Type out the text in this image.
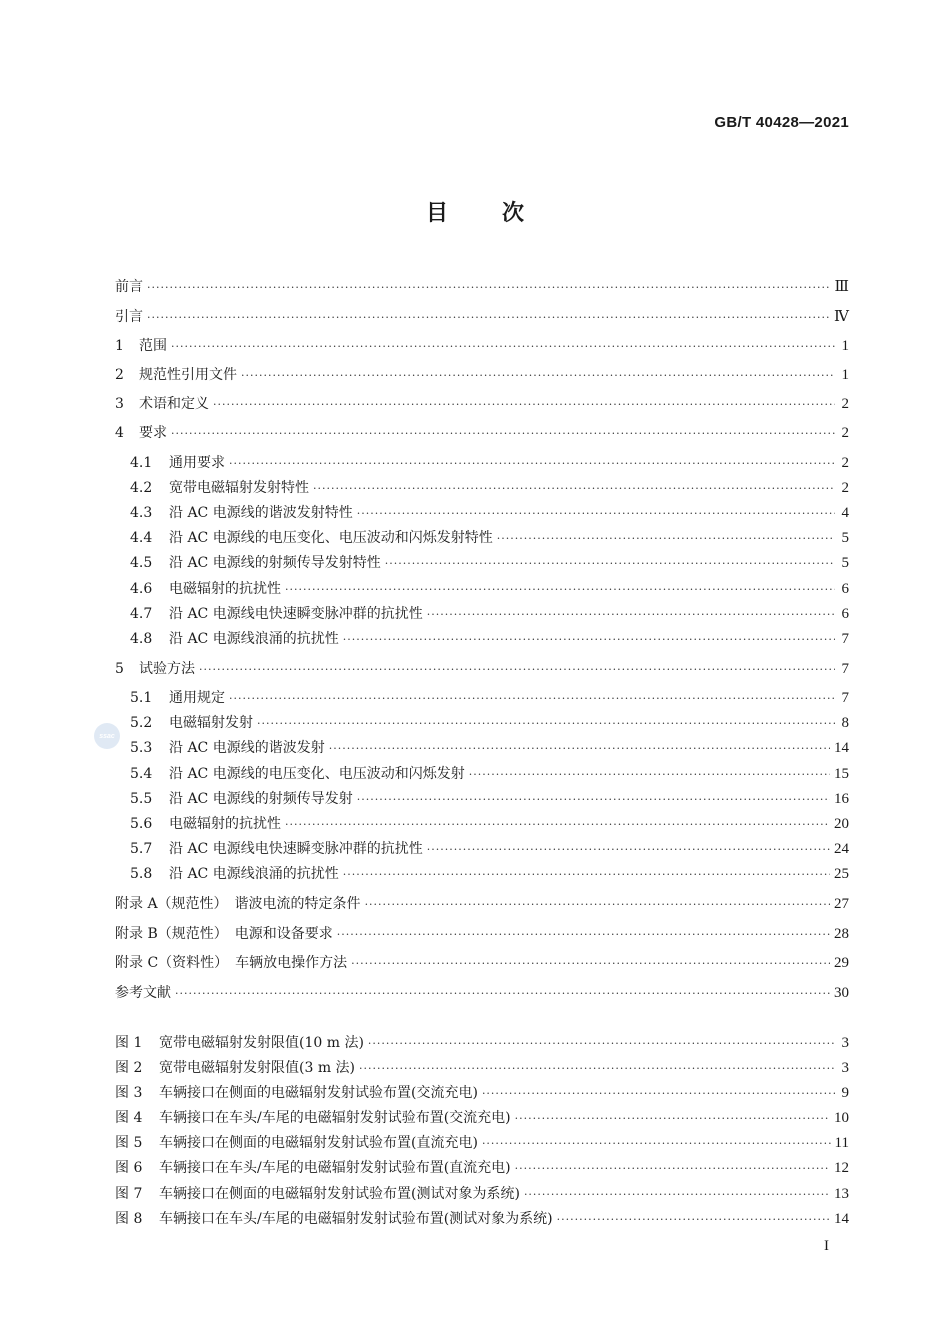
GB/T 40428—2021
目 次
ssac
前言 ·····	Ⅲ
引言 ·····	Ⅳ
1	范围 ·····	1
2	规范性引用文件 ·····	1
3	术语和定义 ·····	2
4	要求 ·····	2
4.1	通用要求 ·····	2
4.2	宽带电磁辐射发射特性 ·····	2
4.3	沿 AC 电源线的谐波发射特性 ·····	4
4.4	沿 AC 电源线的电压变化、电压波动和闪烁发射特性 ·····	5
4.5	沿 AC 电源线的射频传导发射特性 ·····	5
4.6	电磁辐射的抗扰性 ·····	6
4.7	沿 AC 电源线电快速瞬变脉冲群的抗扰性 ·····	6
4.8	沿 AC 电源线浪涌的抗扰性 ·····	7
5	试验方法 ·····	7
5.1	通用规定 ·····	7
5.2	电磁辐射发射 ·····	8
5.3	沿 AC 电源线的谐波发射 ·····	14
5.4	沿 AC 电源线的电压变化、电压波动和闪烁发射 ·····	15
5.5	沿 AC 电源线的射频传导发射 ·····	16
5.6	电磁辐射的抗扰性 ·····	20
5.7	沿 AC 电源线电快速瞬变脉冲群的抗扰性 ·····	24
5.8	沿 AC 电源线浪涌的抗扰性 ·····	25
附录 A（规范性）　谐波电流的特定条件 ·····	27
附录 B（规范性）　电源和设备要求 ·····	28
附录 C（资料性）　车辆放电操作方法 ·····	29
参考文献 ·····	30
图 1	宽带电磁辐射发射限值(10 m 法) ·····	3
图 2	宽带电磁辐射发射限值(3 m 法) ·····	3
图 3	车辆接口在侧面的电磁辐射发射试验布置(交流充电) ·····	9
图 4	车辆接口在车头/车尾的电磁辐射发射试验布置(交流充电) ·····	10
图 5	车辆接口在侧面的电磁辐射发射试验布置(直流充电) ·····	11
图 6	车辆接口在车头/车尾的电磁辐射发射试验布置(直流充电) ·····	12
图 7	车辆接口在侧面的电磁辐射发射试验布置(测试对象为系统) ·····	13
图 8	车辆接口在车头/车尾的电磁辐射发射试验布置(测试对象为系统) ·····	14
I
